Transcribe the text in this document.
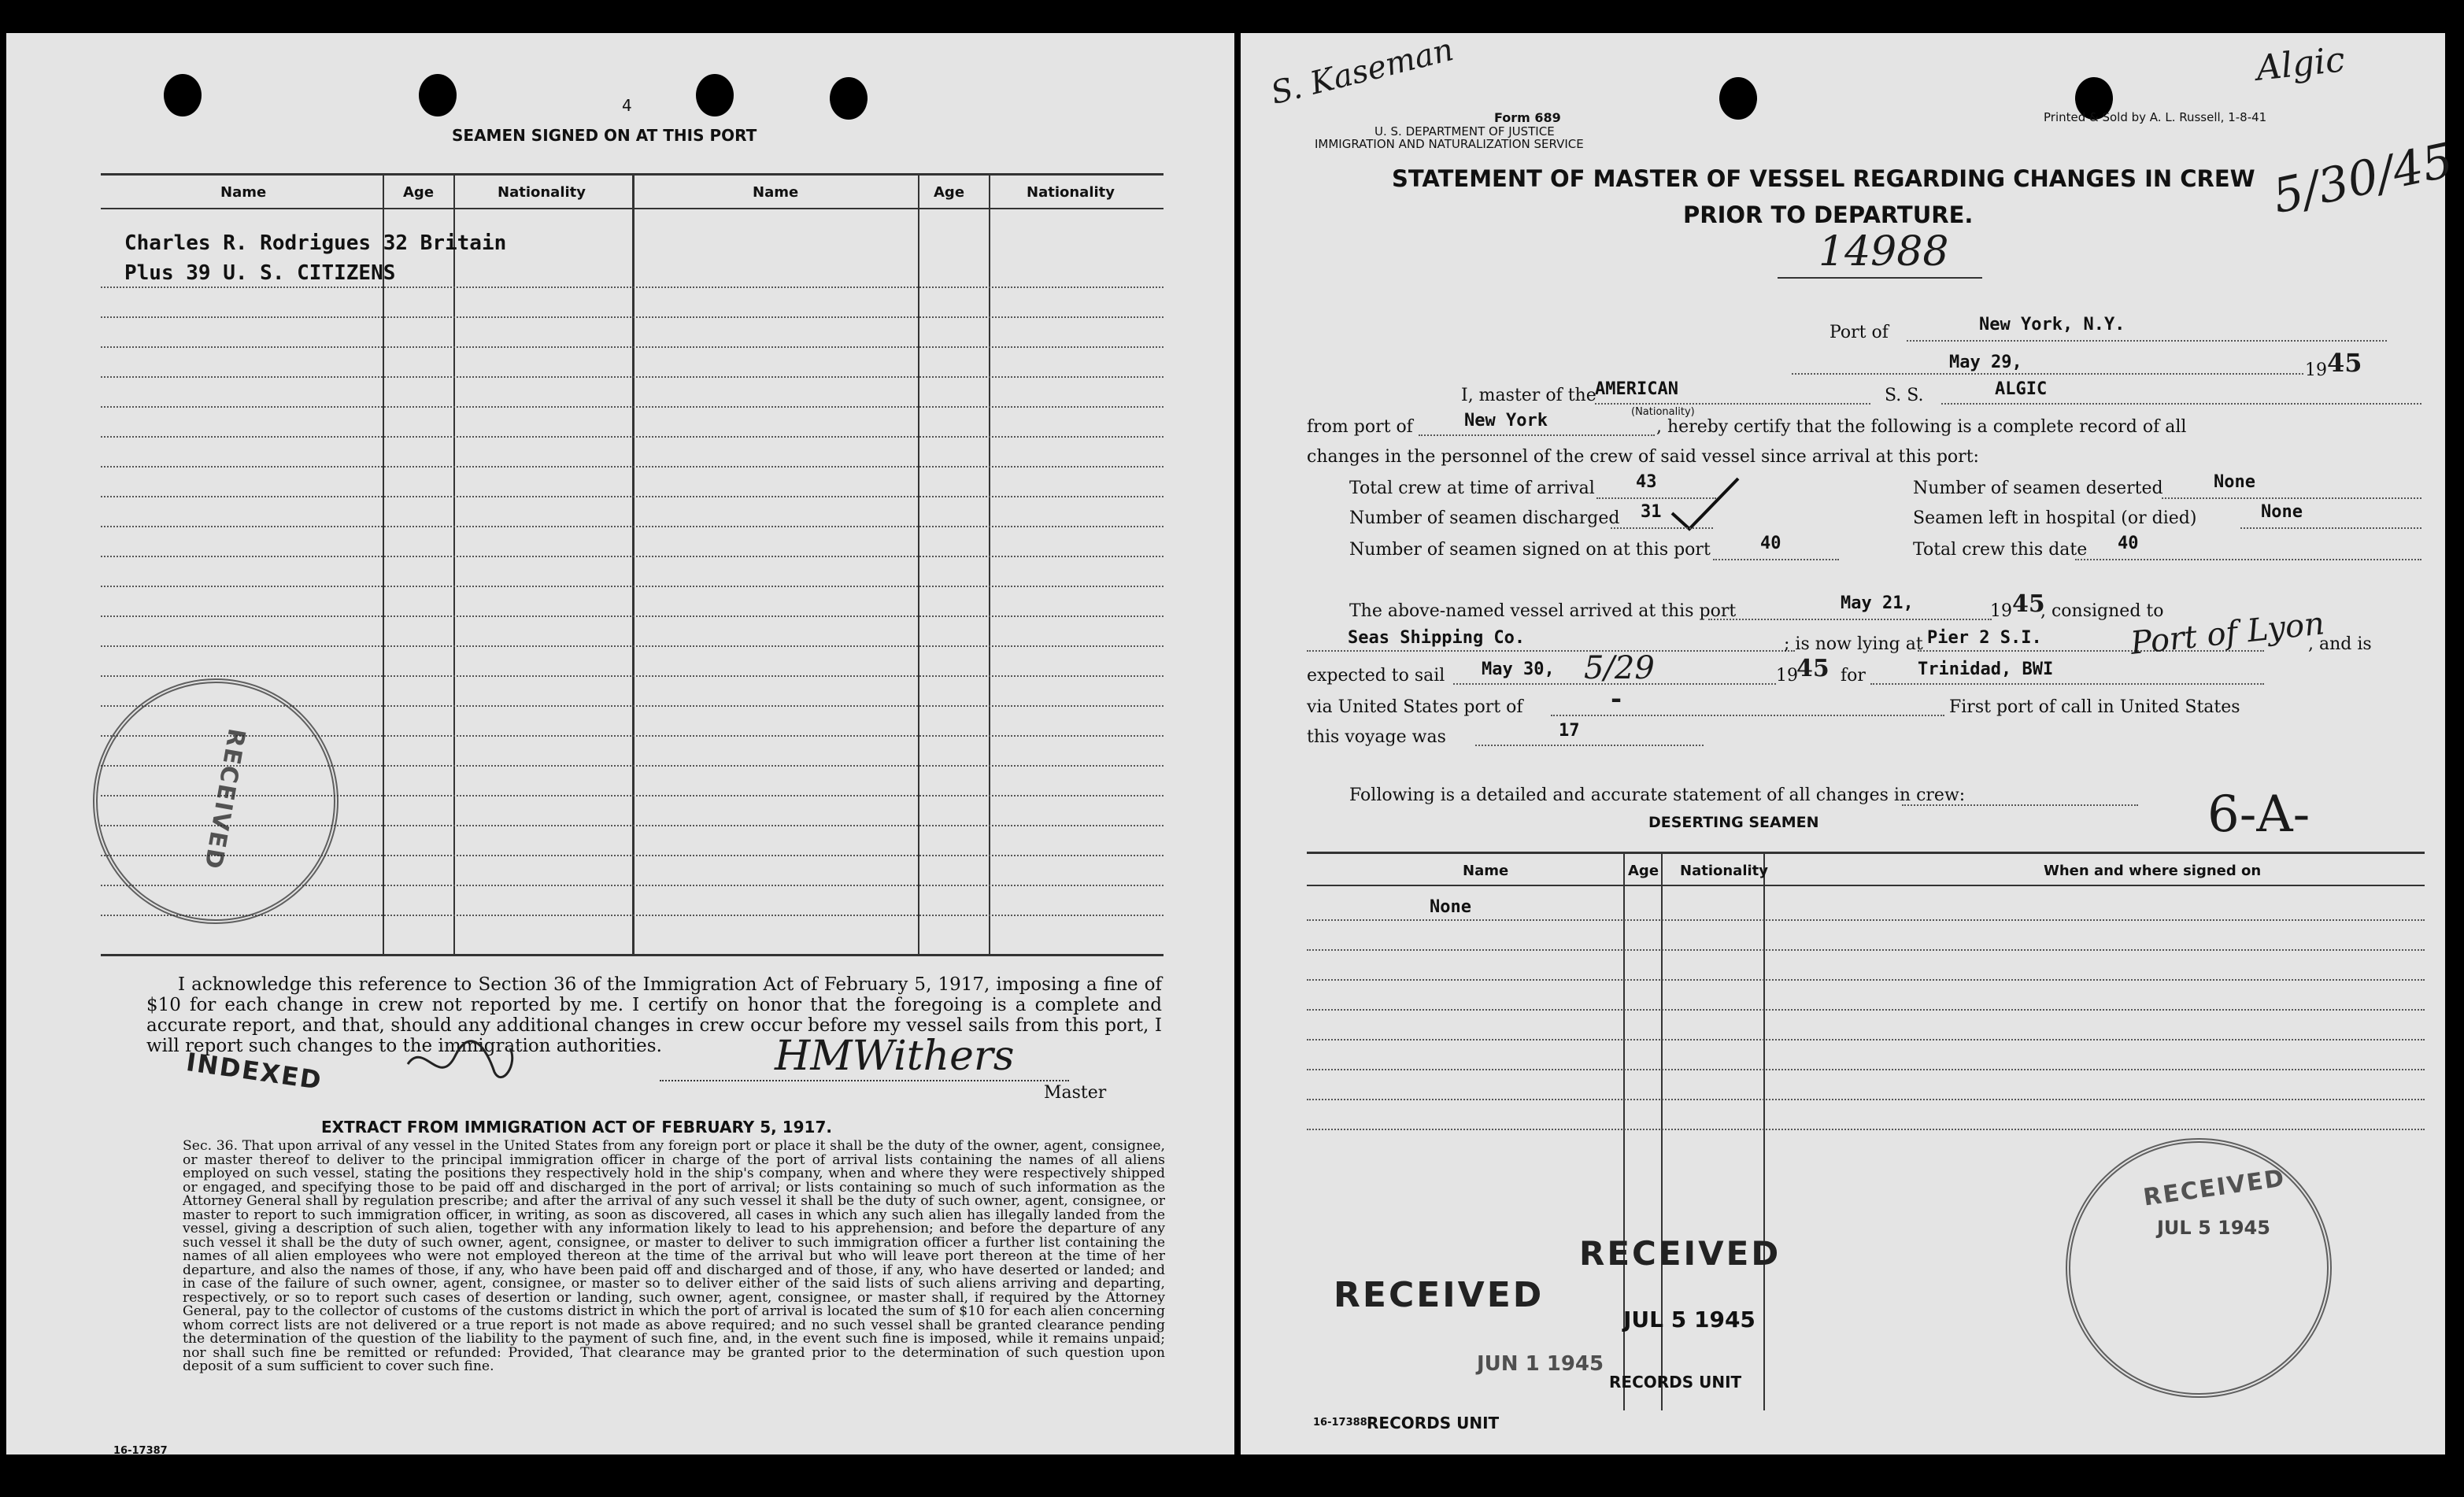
4
SEAMEN SIGNED ON AT THIS PORT
Name	Age	Nationality	Name	Age	Nationality
Charles R. Rodrigues 32 Britain
Plus 39 U. S. CITIZENS
RECEIVED
I acknowledge this reference to Section 36 of the Immigration Act of February 5, 1917, imposing a fine of $10 for each change in crew not reported by me. I certify on honor that the foregoing is a complete and accurate report, and that, should any additional changes in crew occur before my vessel sails from this port, I will report such changes to the immigration authorities.
INDEXED	HMWithers
Master
EXTRACT FROM IMMIGRATION ACT OF FEBRUARY 5, 1917.
Sec. 36. That upon arrival of any vessel in the United States from any foreign port or place it shall be the duty of the owner, agent, consignee, or master thereof to deliver to the principal immigration officer in charge of the port of arrival lists containing the names of all aliens employed on such vessel, stating the positions they respectively hold in the ship's company, when and where they were respectively shipped or engaged, and specifying those to be paid off and discharged in the port of arrival; or lists containing so much of such information as the Attorney General shall by regulation prescribe; and after the arrival of any such vessel it shall be the duty of such owner, agent, consignee, or master to report to such immigration officer, in writing, as soon as discovered, all cases in which any such alien has illegally landed from the vessel, giving a description of such alien, together with any information likely to lead to his apprehension; and before the departure of any such vessel it shall be the duty of such owner, agent, consignee, or master to deliver to such immigration officer a further list containing the names of all alien employees who were not employed thereon at the time of the arrival but who will leave port thereon at the time of her departure, and also the names of those, if any, who have been paid off and discharged and of those, if any, who have deserted or landed; and in case of the failure of such owner, agent, consignee, or master so to deliver either of the said lists of such aliens arriving and departing, respectively, or so to report such cases of desertion or landing, such owner, agent, consignee, or master shall, if required by the Attorney General, pay to the collector of customs of the customs district in which the port of arrival is located the sum of $10 for each alien concerning whom correct lists are not delivered or a true report is not made as above required; and no such vessel shall be granted clearance pending the determination of the question of the liability to the payment of such fine, and, in the event such fine is imposed, while it remains unpaid; nor shall such fine be remitted or refunded: Provided, That clearance may be granted prior to the determination of such question upon deposit of a sum sufficient to cover such fine.
16-17387
S. Kaseman	Algic
5/30/45
Form 689
U. S. DEPARTMENT OF JUSTICE
IMMIGRATION AND NATURALIZATION SERVICE
Printed & Sold by A. L. Russell, 1-8-41
STATEMENT OF MASTER OF VESSEL REGARDING CHANGES IN CREW
PRIOR TO DEPARTURE.
14988
Port of	New York, N.Y.
May 29,	19 45
I, master of the
AMERICAN
(Nationality)
S. S.	ALGIC
from port of	New York	, hereby certify that the following is a complete record of all
changes in the personnel of the crew of said vessel since arrival at this port:
Total crew at time of arrival 43
Number of seamen discharged 31
Number of seamen signed on at this port	40
Number of seamen deserted	None
Seamen left in hospital (or died)	None
Total crew this date 40
The above-named vessel arrived at this port	May 21,	19 45
, consigned to
Seas Shipping Co.	; is now lying at Pier 2 S.I.	Port of Lyon
, and is
expected to sail May 30, 5/29	19
45 for	Trinidad, BWI
via United States port of	-	First port of call in United States
this voyage was	17
Following is a detailed and accurate statement of all changes in crew:
DESERTING SEAMEN	6-A-
Name	Age Nationality	When and where signed on
None
RECEIVED
RECEIVED
JUL 5 1945
JUN 1 1945
RECORDS UNIT
RECORDS UNIT
16-17388
RECEIVED
JUL 5 1945
